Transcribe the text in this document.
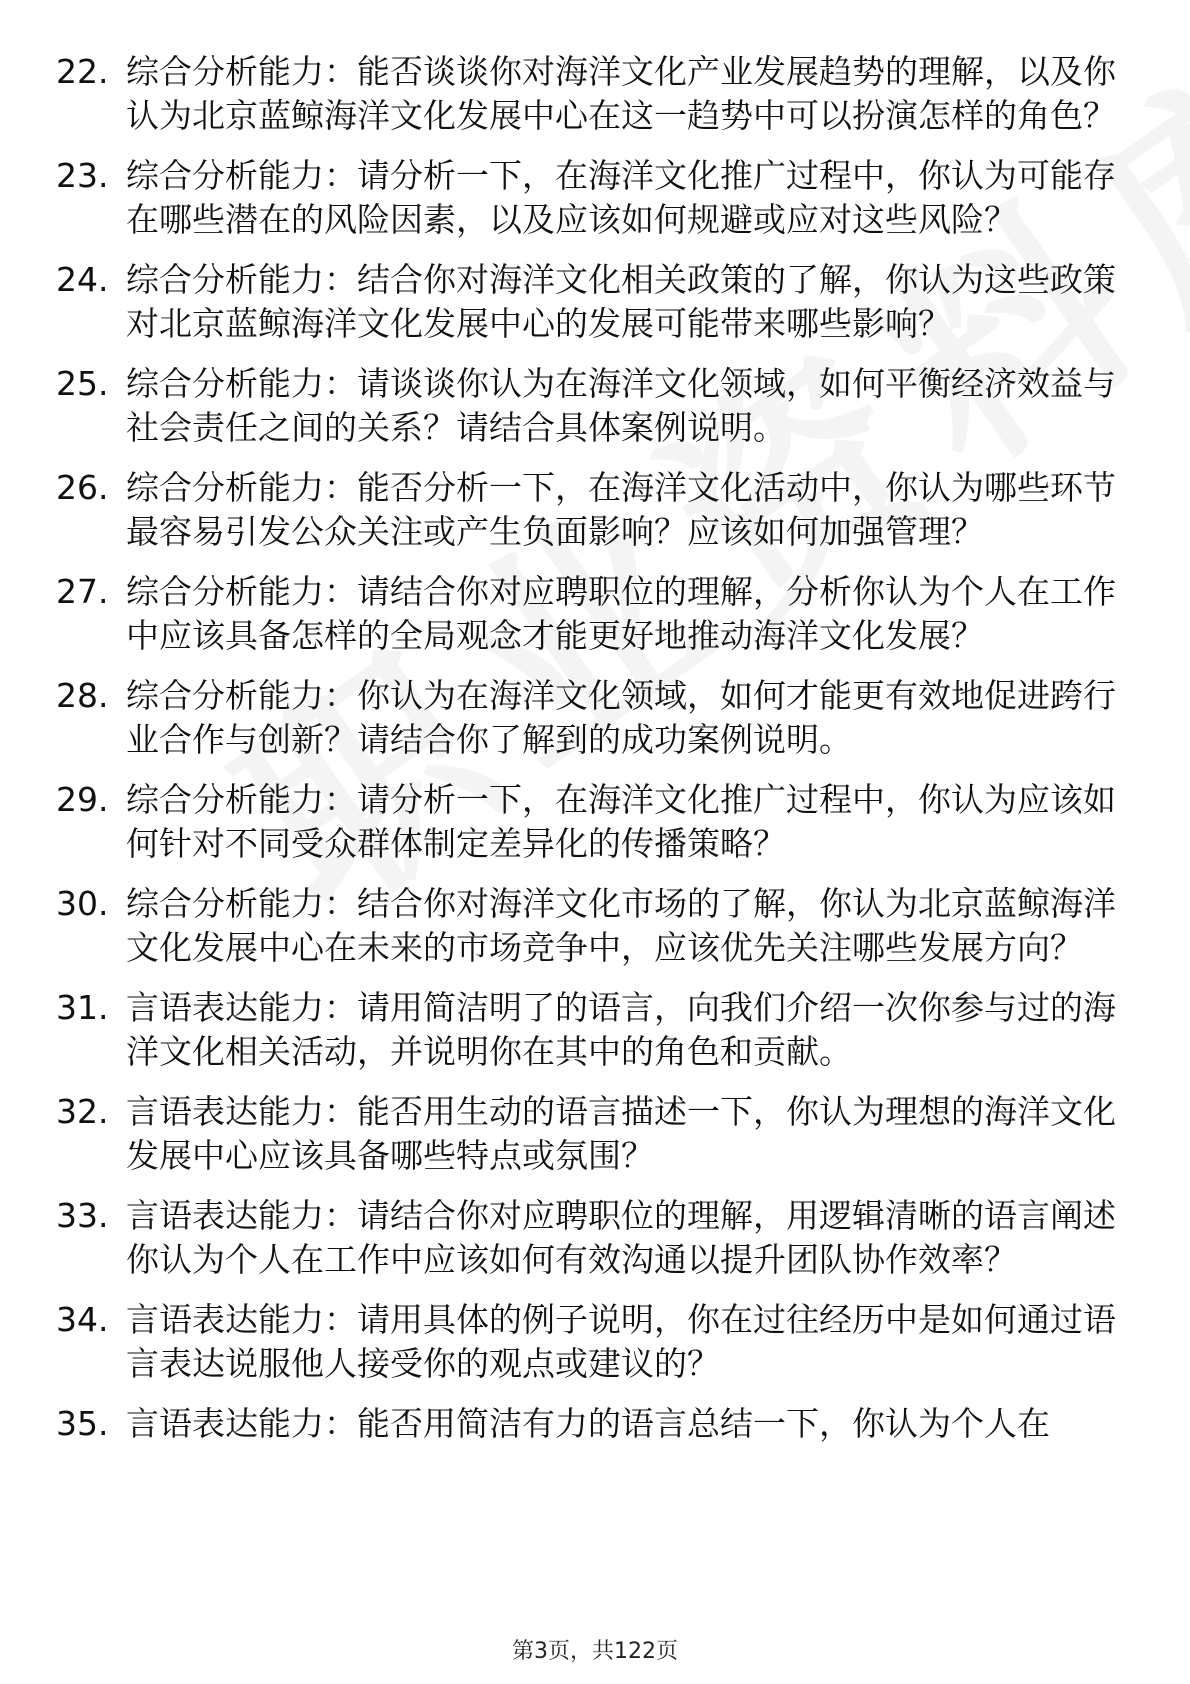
22. 综合分析能力：能否谈谈你对海洋文化产业发展趋势的理解，以及你认为北京蓝鲸海洋文化发展中心在这一趋势中可以扮演怎样的角色？
23. 综合分析能力：请分析一下，在海洋文化推广过程中，你认为可能存在哪些潜在的风险因素，以及应该如何规避或应对这些风险？
24. 综合分析能力：结合你对海洋文化相关政策的了解，你认为这些政策对北京蓝鲸海洋文化发展中心的发展可能带来哪些影响？
25. 综合分析能力：请谈谈你认为在海洋文化领域，如何平衡经济效益与社会责任之间的关系？请结合具体案例说明。
26. 综合分析能力：能否分析一下，在海洋文化活动中，你认为哪些环节最容易引发公众关注或产生负面影响？应该如何加强管理？
27. 综合分析能力：请结合你对应聘职位的理解，分析你认为个人在工作中应该具备怎样的全局观念才能更好地推动海洋文化发展？
28. 综合分析能力：你认为在海洋文化领域，如何才能更有效地促进跨行业合作与创新？请结合你了解到的成功案例说明。
29. 综合分析能力：请分析一下，在海洋文化推广过程中，你认为应该如何针对不同受众群体制定差异化的传播策略？
30. 综合分析能力：结合你对海洋文化市场的了解，你认为北京蓝鲸海洋文化发展中心在未来的市场竞争中，应该优先关注哪些发展方向？
31. 言语表达能力：请用简洁明了的语言，向我们介绍一次你参与过的海洋文化相关活动，并说明你在其中的角色和贡献。
32. 言语表达能力：能否用生动的语言描述一下，你认为理想的海洋文化发展中心应该具备哪些特点或氛围？
33. 言语表达能力：请结合你对应聘职位的理解，用逻辑清晰的语言阐述你认为个人在工作中应该如何有效沟通以提升团队协作效率？
34. 言语表达能力：请用具体的例子说明，你在过往经历中是如何通过语言表达说服他人接受你的观点或建议的？
35. 言语表达能力：能否用简洁有力的语言总结一下，你认为个人在
第3页，共122页
